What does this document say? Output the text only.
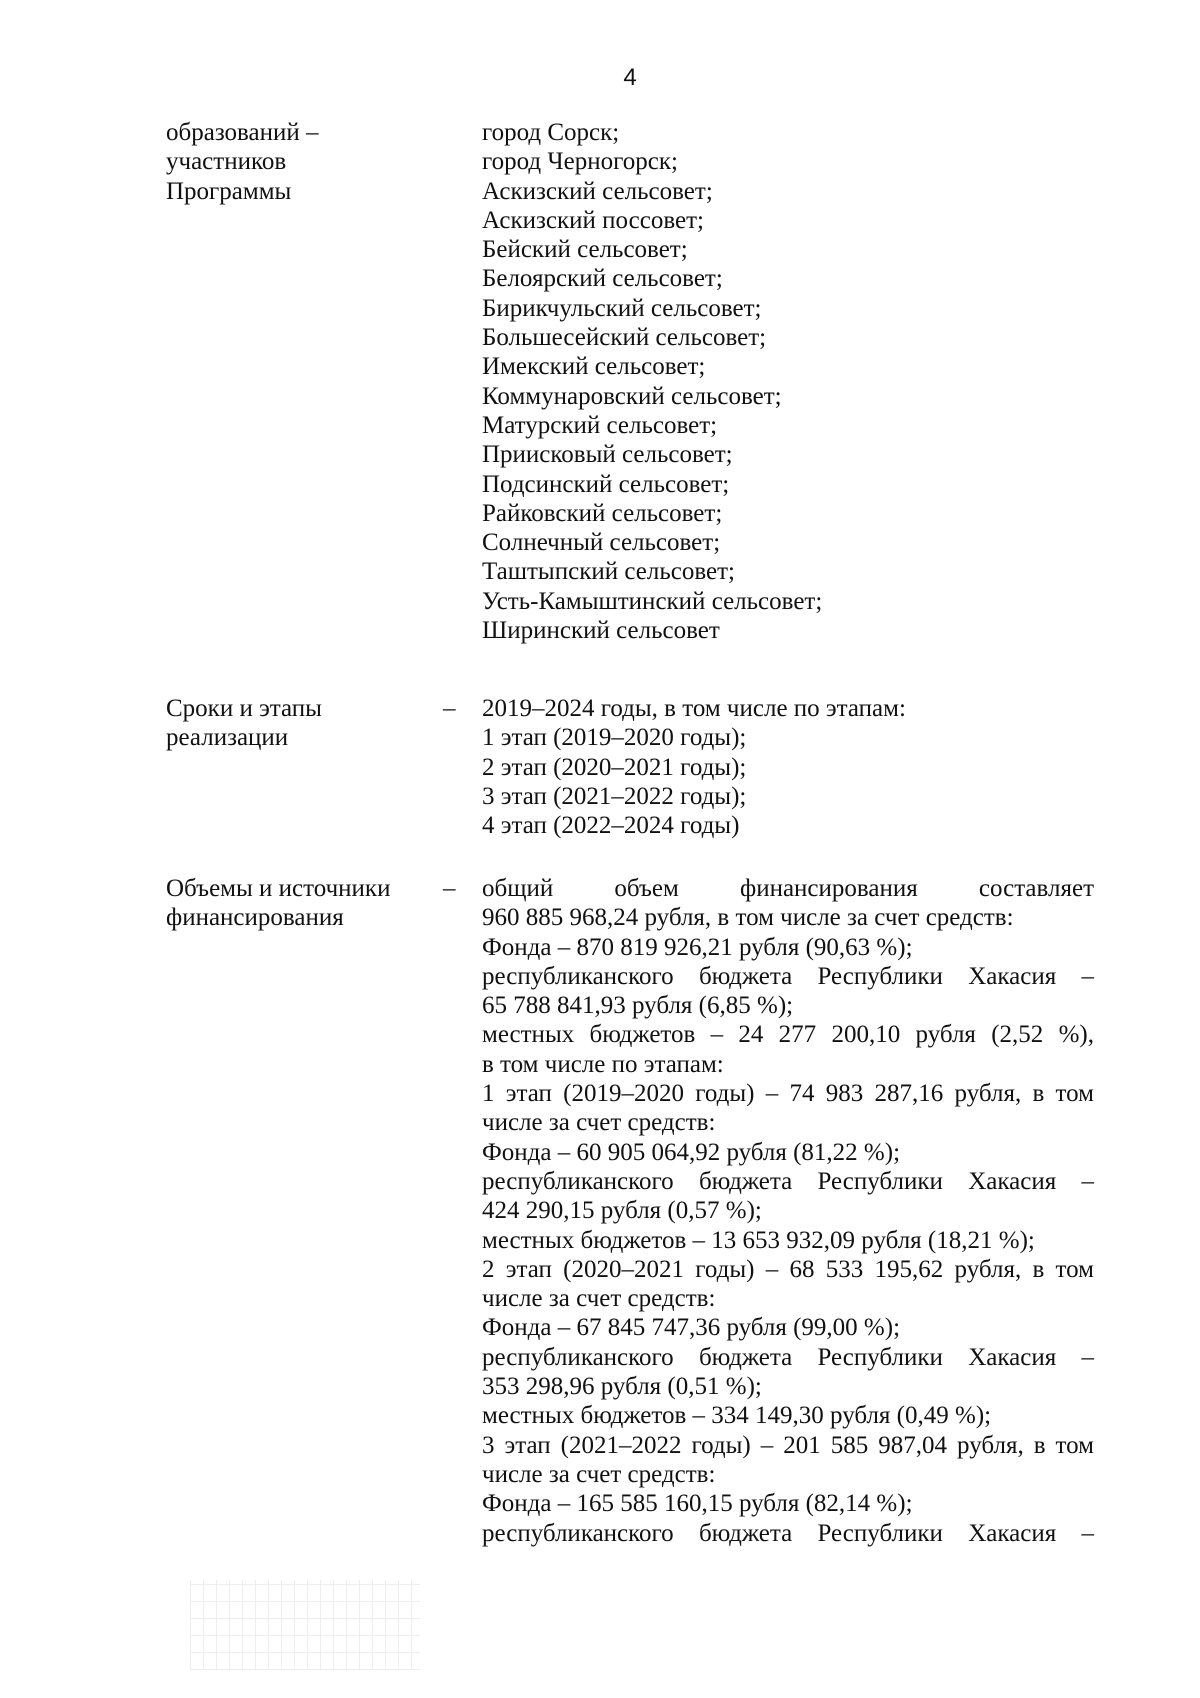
4
образований –
участников
Программы
город Сорск;
город Черногорск;
Аскизский сельсовет;
Аскизский поссовет;
Бейский сельсовет;
Белоярский сельсовет;
Бирикчульский сельсовет;
Большесейский сельсовет;
Имекский сельсовет;
Коммунаровский сельсовет;
Матурский сельсовет;
Приисковый сельсовет;
Подсинский сельсовет;
Райковский сельсовет;
Солнечный сельсовет;
Таштыпский сельсовет;
Усть-Камыштинский сельсовет;
Ширинский сельсовет
Сроки и этапы
реализации
– 2019–2024 годы, в том числе по этапам:
1 этап (2019–2020 годы);
2 этап (2020–2021 годы);
3 этап (2021–2022 годы);
4 этап (2022–2024 годы)
Объемы и источники
финансирования
– общий объем финансирования составляет
960 885 968,24 рубля, в том числе за счет средств:
Фонда – 870 819 926,21 рубля (90,63 %);
республиканского бюджета Республики Хакасия –
65 788 841,93 рубля (6,85 %);
местных бюджетов – 24 277 200,10 рубля (2,52 %),
в том числе по этапам:
1 этап (2019–2020 годы) – 74 983 287,16 рубля, в том
числе за счет средств:
Фонда – 60 905 064,92 рубля (81,22 %);
республиканского бюджета Республики Хакасия –
424 290,15 рубля (0,57 %);
местных бюджетов – 13 653 932,09 рубля (18,21 %);
2 этап (2020–2021 годы) – 68 533 195,62 рубля, в том
числе за счет средств:
Фонда – 67 845 747,36 рубля (99,00 %);
республиканского бюджета Республики Хакасия –
353 298,96 рубля (0,51 %);
местных бюджетов – 334 149,30 рубля (0,49 %);
3 этап (2021–2022 годы) – 201 585 987,04 рубля, в том
числе за счет средств:
Фонда – 165 585 160,15 рубля (82,14 %);
республиканского бюджета Республики Хакасия –
